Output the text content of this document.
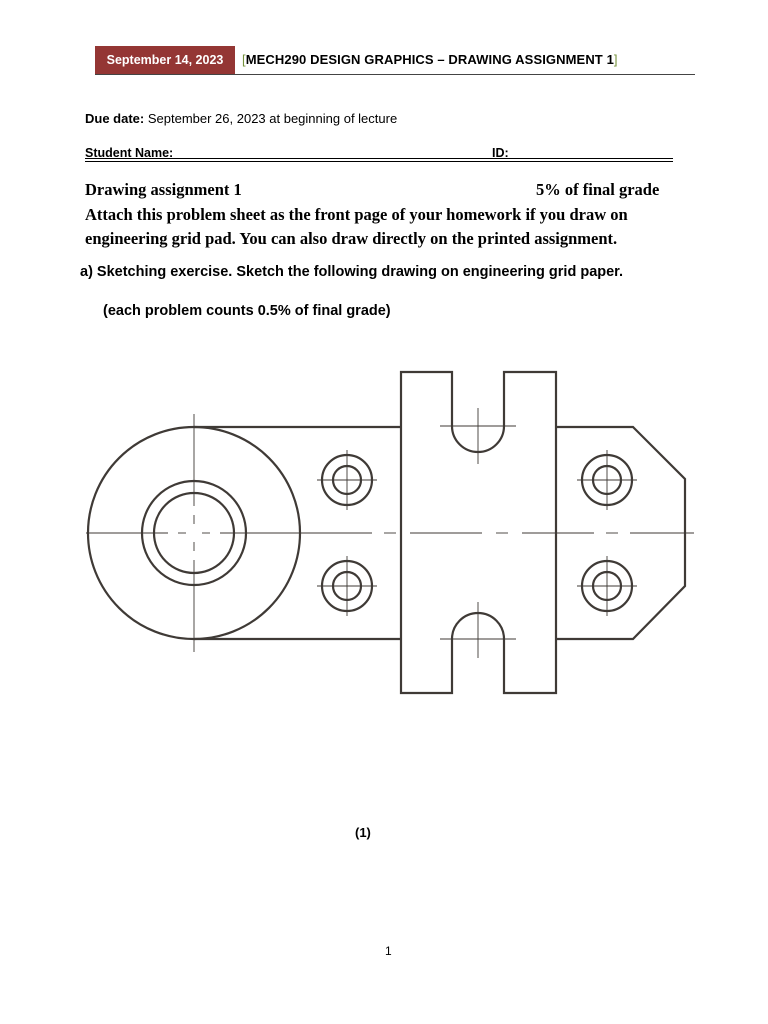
September 14, 2023	[MECH290 DESIGN GRAPHICS – DRAWING ASSIGNMENT 1]
Due date: September 26, 2023 at beginning of lecture
Student Name:	ID:
Drawing assignment 1	5% of final grade
Attach this problem sheet as the front page of your homework if you draw on engineering grid pad. You can also draw directly on the printed assignment.
a) Sketching exercise. Sketch the following drawing on engineering grid paper.
(each problem counts 0.5% of final grade)
(1)
1
